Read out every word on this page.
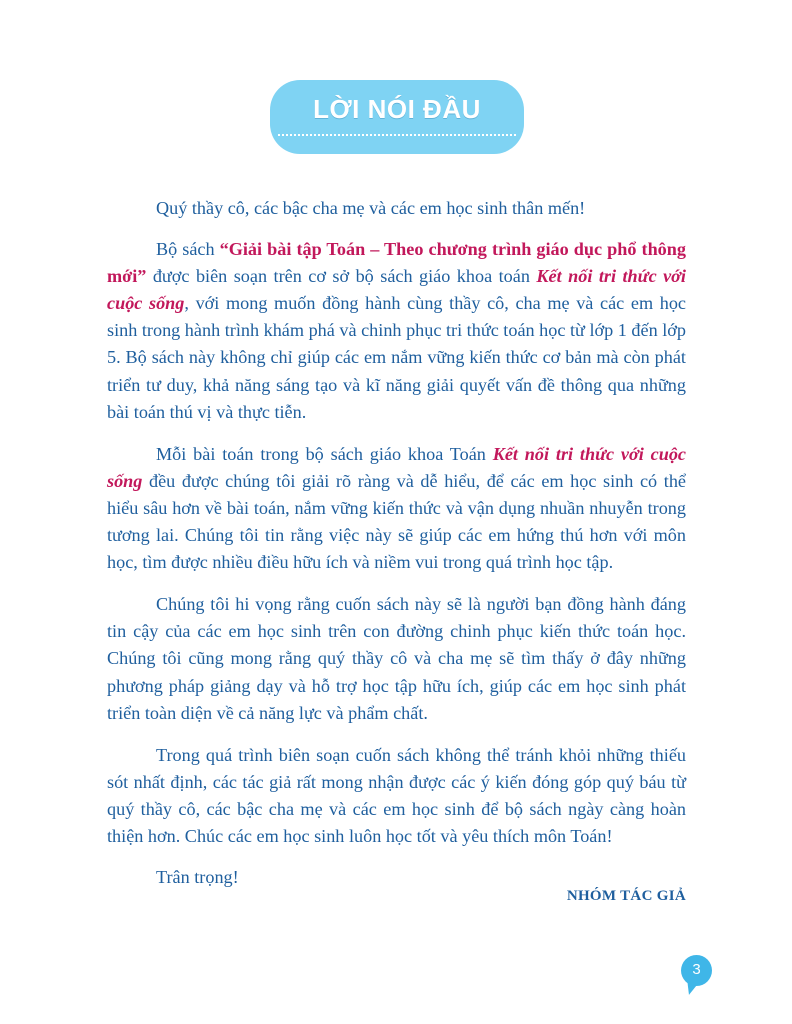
LỜI NÓI ĐẦU

Quý thầy cô, các bậc cha mẹ và các em học sinh thân mến!

Bộ sách “Giải bài tập Toán – Theo chương trình giáo dục phổ thông mới” được biên soạn trên cơ sở bộ sách giáo khoa toán Kết nối tri thức với cuộc sống, với mong muốn đồng hành cùng thầy cô, cha mẹ và các em học sinh trong hành trình khám phá và chinh phục tri thức toán học từ lớp 1 đến lớp 5. Bộ sách này không chỉ giúp các em nắm vững kiến thức cơ bản mà còn phát triển tư duy, khả năng sáng tạo và kĩ năng giải quyết vấn đề thông qua những bài toán thú vị và thực tiễn.

Mỗi bài toán trong bộ sách giáo khoa Toán Kết nối tri thức với cuộc sống đều được chúng tôi giải rõ ràng và dễ hiểu, để các em học sinh có thể hiểu sâu hơn về bài toán, nắm vững kiến thức và vận dụng nhuần nhuyễn trong tương lai. Chúng tôi tin rằng việc này sẽ giúp các em hứng thú hơn với môn học, tìm được nhiều điều hữu ích và niềm vui trong quá trình học tập.

Chúng tôi hi vọng rằng cuốn sách này sẽ là người bạn đồng hành đáng tin cậy của các em học sinh trên con đường chinh phục kiến thức toán học. Chúng tôi cũng mong rằng quý thầy cô và cha mẹ sẽ tìm thấy ở đây những phương pháp giảng dạy và hỗ trợ học tập hữu ích, giúp các em học sinh phát triển toàn diện về cả năng lực và phẩm chất.

Trong quá trình biên soạn cuốn sách không thể tránh khỏi những thiếu sót nhất định, các tác giả rất mong nhận được các ý kiến đóng góp quý báu từ quý thầy cô, các bậc cha mẹ và các em học sinh để bộ sách ngày càng hoàn thiện hơn. Chúc các em học sinh luôn học tốt và yêu thích môn Toán!

Trân trọng!

NHÓM TÁC GIẢ
3
